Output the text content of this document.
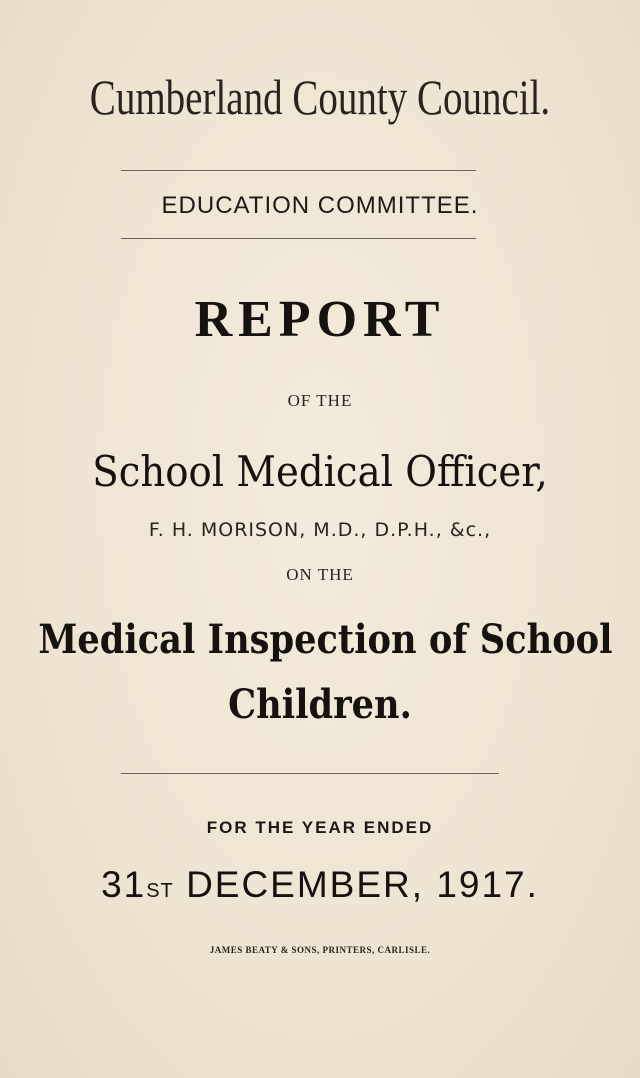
Cumberland County Council.
EDUCATION COMMITTEE.
REPORT
OF THE
School Medical Officer,
F. H. MORISON, M.D., D.P.H., &c.,
ON THE
Medical Inspection of School
Children.
FOR THE YEAR ENDED
31ST DECEMBER, 1917.
JAMES BEATY & SONS, PRINTERS, CARLISLE.
